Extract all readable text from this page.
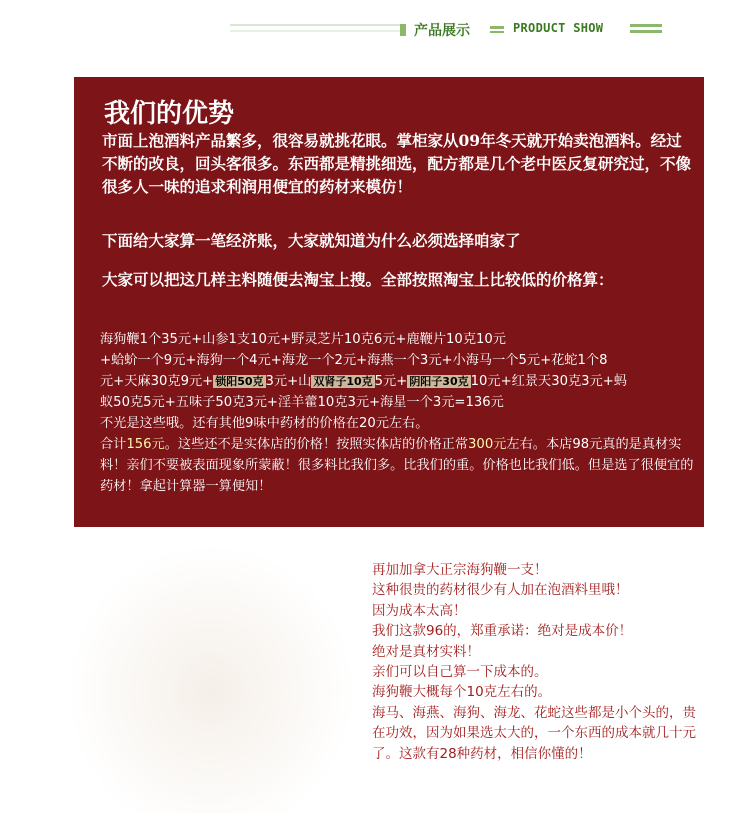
产品展示	PRODUCT SHOW
我们的优势
市面上泡酒料产品繁多，很容易就挑花眼。掌柜家从09年冬天就开始卖泡酒料。经过不断的改良，回头客很多。东西都是精挑细选，配方都是几个老中医反复研究过，不像很多人一味的追求利润用便宜的药材来模仿！
下面给大家算一笔经济账，大家就知道为什么必须选择咱家了
大家可以把这几样主料随便去淘宝上搜。全部按照淘宝上比较低的价格算：

海狗鞭1个35元+山参1支10元+野灵芝片10克6元+鹿鞭片10克10元

+蛤蚧一个9元+海狗一个4元+海龙一个2元+海燕一个3元+小海马一个5元+花蛇1个8

元+天麻30克9元+ 锁阳50克 3元+山 双肾子10克 5元+ 阴阳子30克 10元+红景天30克3元+蚂

蚁50克5元+五味子50克3元+淫羊藿10克3元+海星一个3元=136元

不光是这些哦。还有其他9味中药材的价格在20元左右。

合计156元。这些还不是实体店的价格！按照实体店的价格正常300元左右。本店98元真的是真材实料！亲们不要被表面现象所蒙蔽！很多料比我们多。比我们的重。价格也比我们低。但是选了很便宜的药材！拿起计算器一算便知！

再加加拿大正宗海狗鞭一支！

这种很贵的药材很少有人加在泡酒料里哦！

因为成本太高！

我们这款96的，郑重承诺：绝对是成本价！

绝对是真材实料！

亲们可以自己算一下成本的。

海狗鞭大概每个10克左右的。

海马、海燕、海狗、海龙、花蛇这些都是小个头的，贵在功效，因为如果选太大的，一个东西的成本就几十元了。这款有28种药材，相信你懂的！
